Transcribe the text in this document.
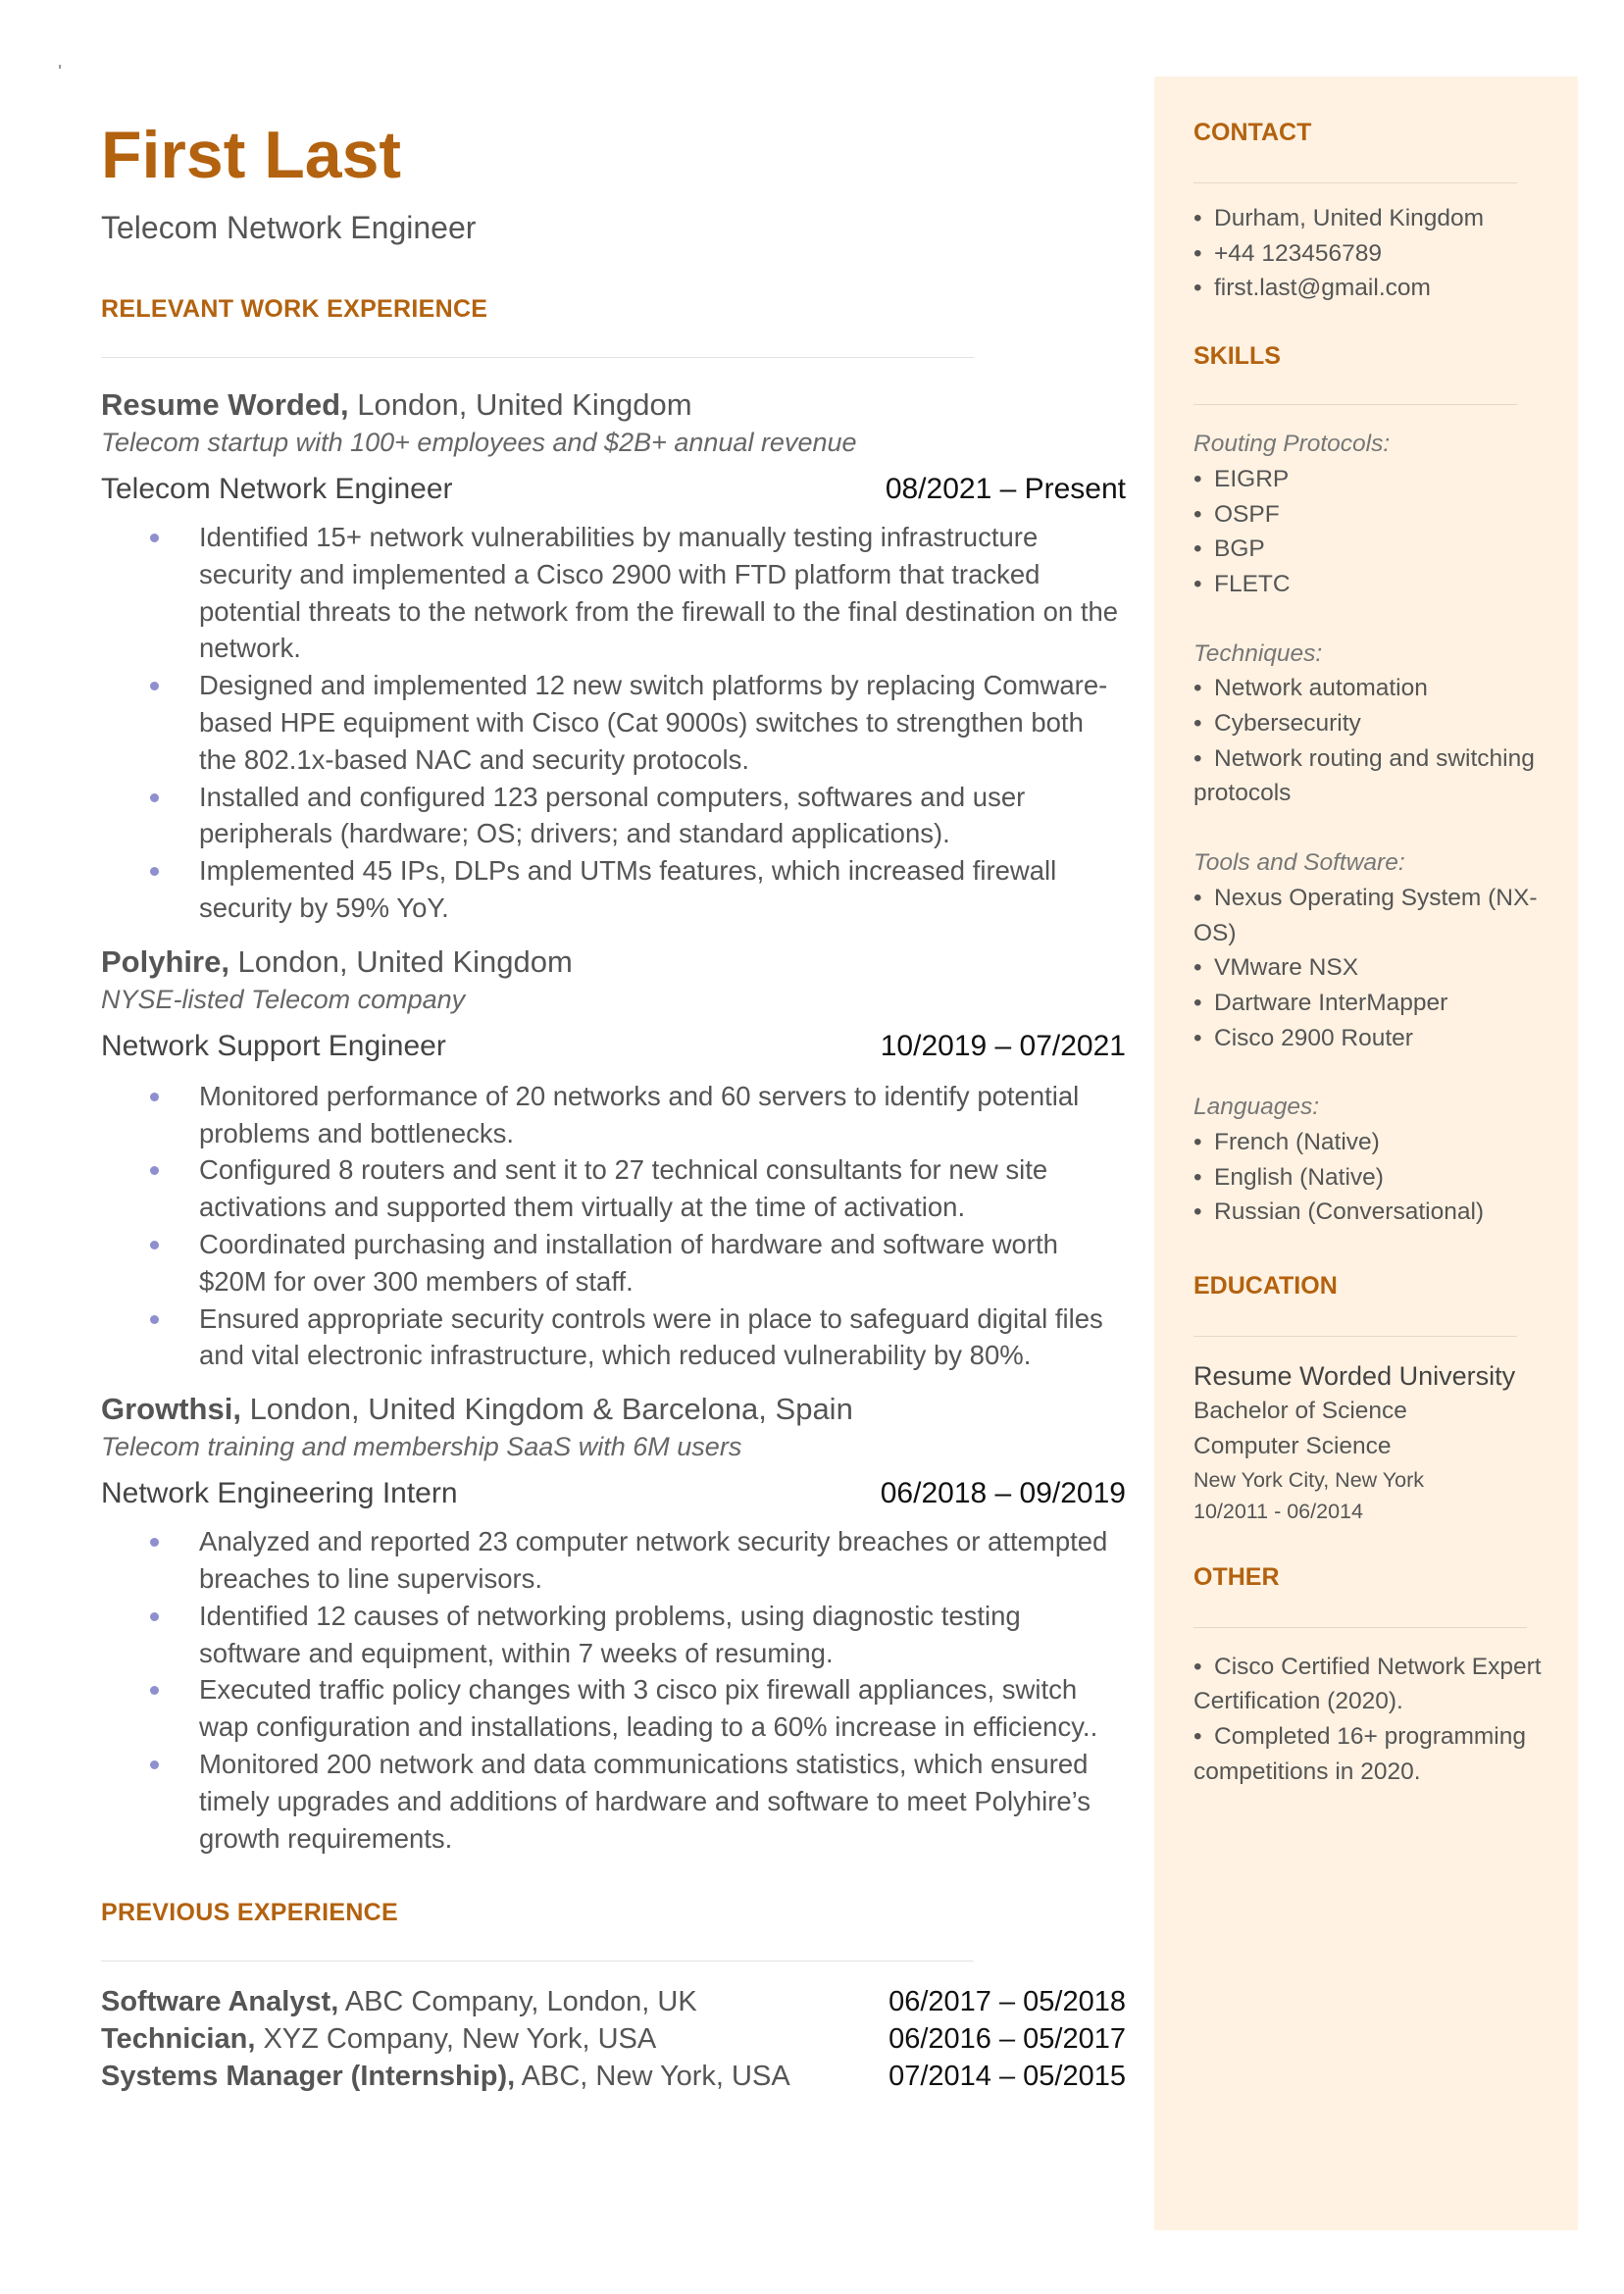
First Last
Telecom Network Engineer
RELEVANT WORK EXPERIENCE
Resume Worded, London, United Kingdom
Telecom startup with 100+ employees and $2B+ annual revenue
Telecom Network Engineer	08/2021 – Present
Identified 15+ network vulnerabilities by manually testing infrastructure security and implemented a Cisco 2900 with FTD platform that tracked potential threats to the network from the firewall to the final destination on the network.
Designed and implemented 12 new switch platforms by replacing Comware-based HPE equipment with Cisco (Cat 9000s) switches to strengthen both the 802.1x-based NAC and security protocols.
Installed and configured 123 personal computers, softwares and user peripherals (hardware; OS; drivers; and standard applications).
Implemented 45 IPs, DLPs and UTMs features, which increased firewall security by 59% YoY.
Polyhire, London, United Kingdom
NYSE-listed Telecom company
Network Support Engineer	10/2019 – 07/2021
Monitored performance of 20 networks and 60 servers to identify potential problems and bottlenecks.
Configured 8 routers and sent it to 27 technical consultants for new site activations and supported them virtually at the time of activation.
Coordinated purchasing and installation of hardware and software worth $20M for over 300 members of staff.
Ensured appropriate security controls were in place to safeguard digital files and vital electronic infrastructure, which reduced vulnerability by 80%.
Growthsi, London, United Kingdom & Barcelona, Spain
Telecom training and membership SaaS with 6M users
Network Engineering Intern	06/2018 – 09/2019
Analyzed and reported 23 computer network security breaches or attempted breaches to line supervisors.
Identified 12 causes of networking problems, using diagnostic testing software and equipment, within 7 weeks of resuming.
Executed traffic policy changes with 3 cisco pix firewall appliances, switch wap configuration and installations, leading to a 60% increase in efficiency..
Monitored 200 network and data communications statistics, which ensured timely upgrades and additions of hardware and software to meet Polyhire’s growth requirements.
PREVIOUS EXPERIENCE
Software Analyst, ABC Company, London, UK	06/2017 – 05/2018
Technician, XYZ Company, New York, USA	06/2016 – 05/2017
Systems Manager (Internship), ABC, New York, USA	07/2014 – 05/2015
CONTACT
• Durham, United Kingdom
• +44 123456789
• first.last@gmail.com
SKILLS
Routing Protocols:
• EIGRP
• OSPF
• BGP
• FLETC
Techniques:
• Network automation
• Cybersecurity
• Network routing and switching protocols
Tools and Software:
• Nexus Operating System (NX-OS)
• VMware NSX
• Dartware InterMapper
• Cisco 2900 Router
Languages:
• French (Native)
• English (Native)
• Russian (Conversational)
EDUCATION
Resume Worded University
Bachelor of Science
Computer Science
New York City, New York
10/2011 - 06/2014
OTHER
• Cisco Certified Network Expert Certification (2020).
• Completed 16+ programming competitions in 2020.
